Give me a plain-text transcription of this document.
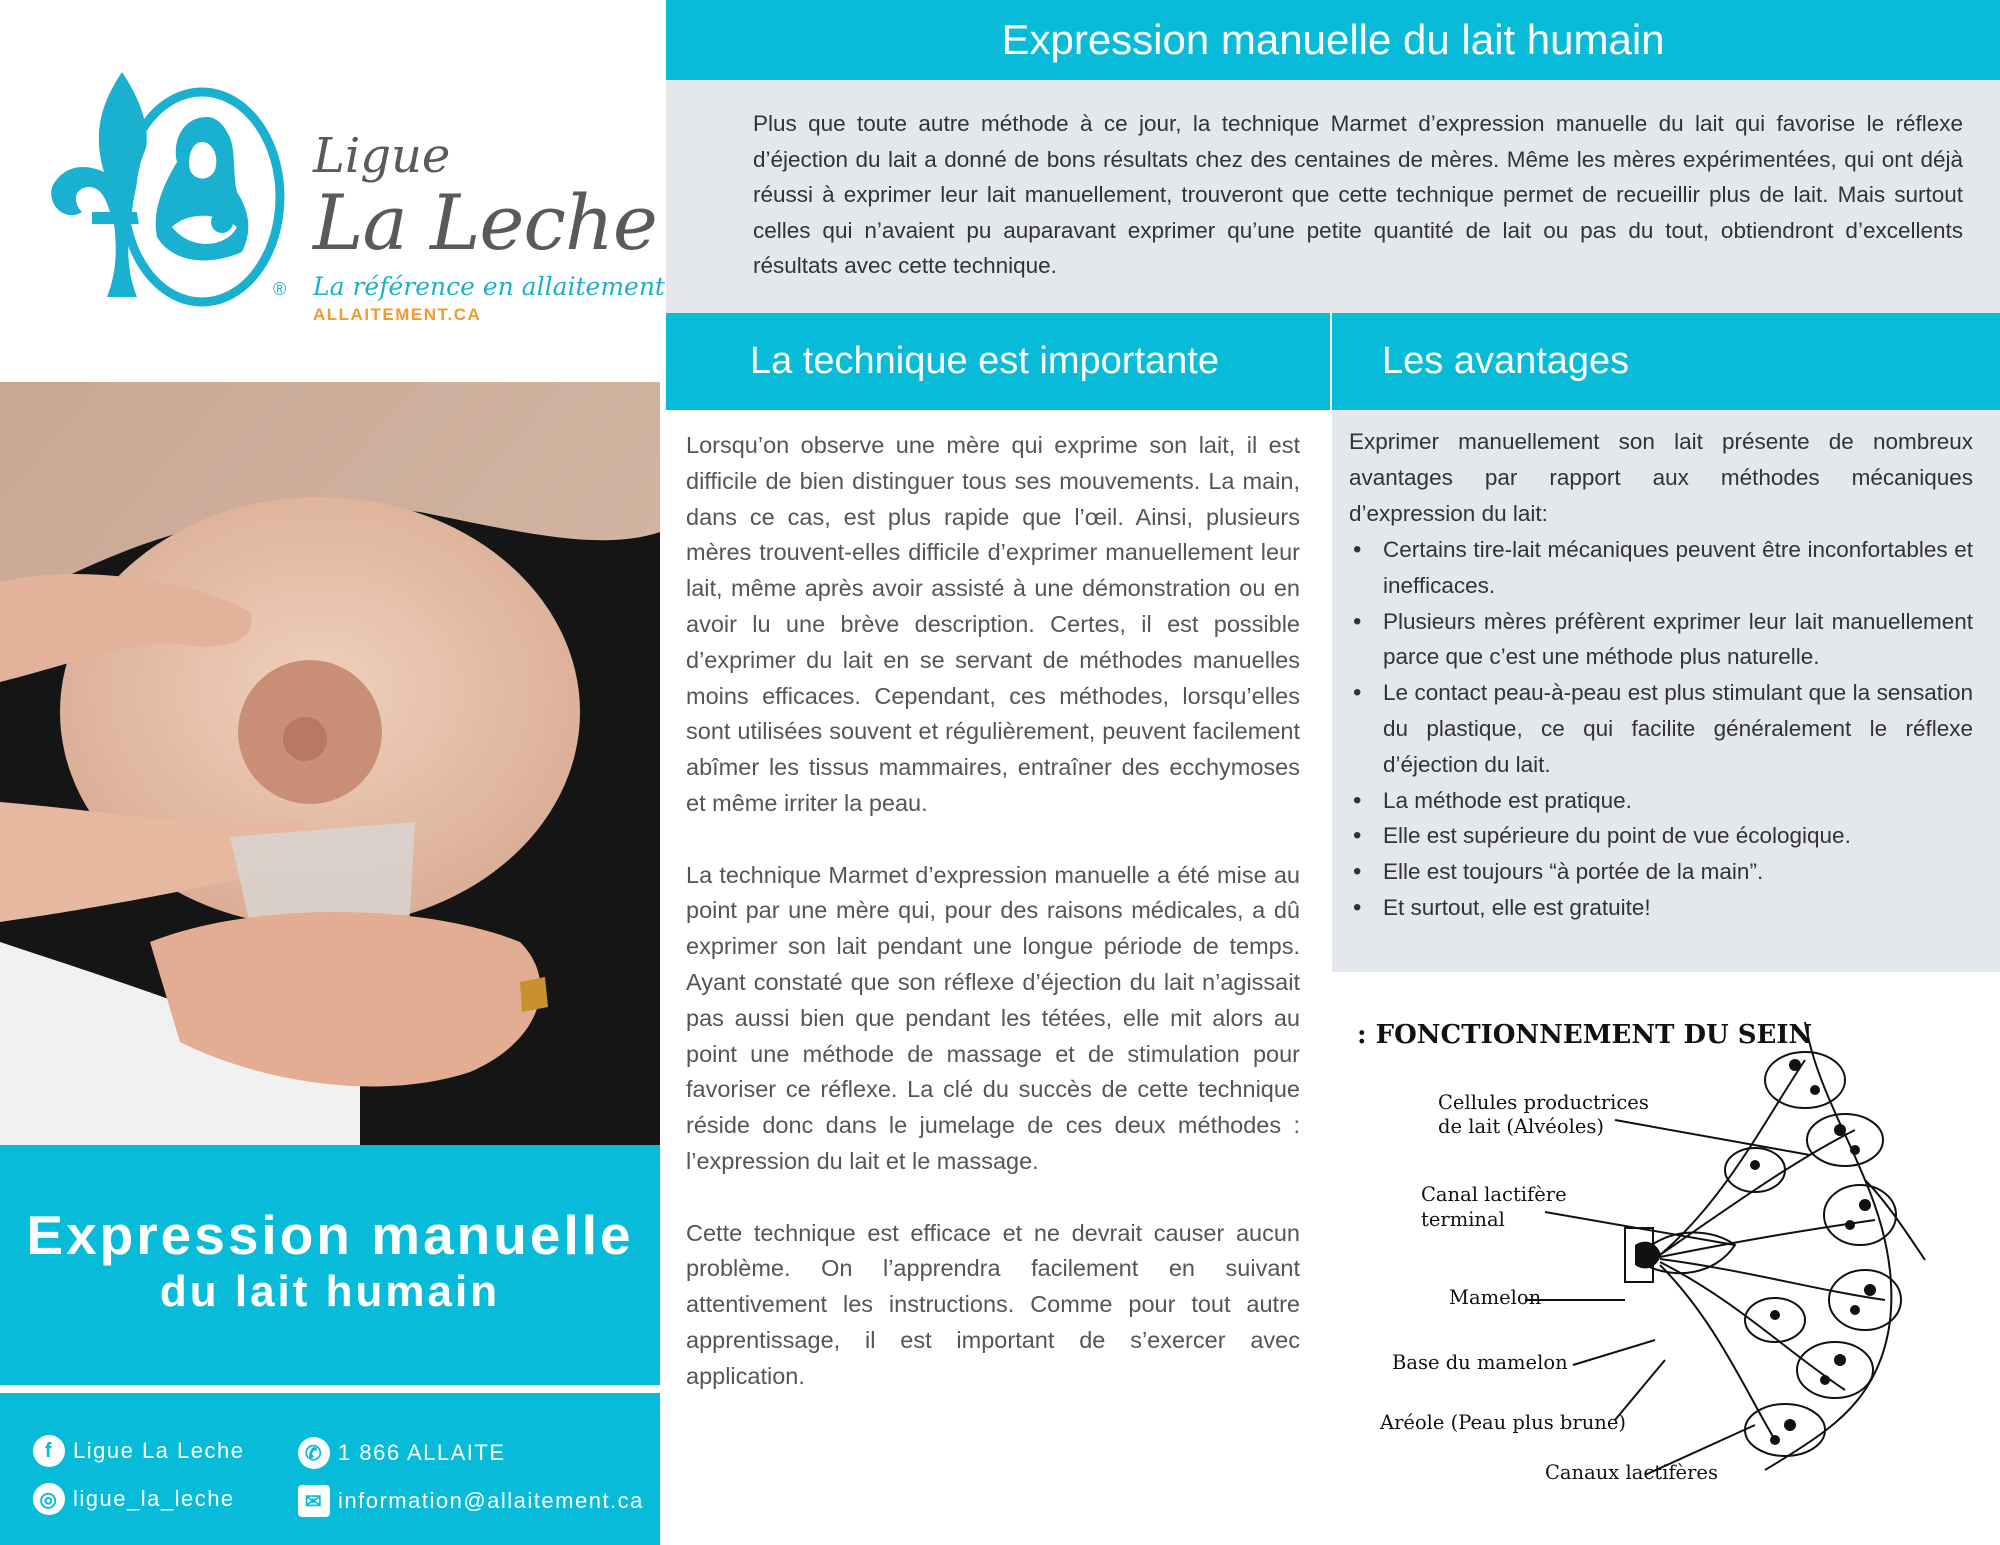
Ligue
La Leche
® La référence en allaitement
ALLAITEMENT.CA
Expression manuelle
du lait humain
f Ligue La Leche	✆ 1 866 ALLAITE
◎ ligue_la_leche	✉ information@allaitement.ca
Expression manuelle du lait humain

Plus que toute autre méthode à ce jour, la technique Marmet d’expression manuelle du lait qui favorise le réflexe d’éjection du lait a donné de bons résultats chez des centaines de mères. Même les mères expérimentées, qui ont déjà réussi à exprimer leur lait manuellement, trouveront que cette technique permet de recueillir plus de lait. Mais surtout celles qui n’avaient pu auparavant exprimer qu’une petite quantité de lait ou pas du tout, obtiendront d’excellents résultats avec cette technique.

La technique est importante	Les avantages

Lorsqu’on observe une mère qui exprime son lait, il est difficile de bien distinguer tous ses mouvements. La main, dans ce cas, est plus rapide que l’œil. Ainsi, plusieurs mères trouvent-elles difficile d’exprimer manuellement leur lait, même après avoir assisté à une démonstration ou en avoir lu une brève description. Certes, il est possible d’exprimer du lait en se servant de méthodes manuelles moins efficaces. Cependant, ces méthodes, lorsqu’elles sont utilisées souvent et régulièrement, peuvent facilement abîmer les tissus mammaires, entraîner des ecchymoses et même irriter la peau.

La technique Marmet d’expression manuelle a été mise au point par une mère qui, pour des raisons médicales, a dû exprimer son lait pendant une longue période de temps. Ayant constaté que son réflexe d’éjection du lait n’agissait pas aussi bien que pendant les tétées, elle mit alors au point une méthode de massage et de stimulation pour favoriser ce réflexe. La clé du succès de cette technique réside donc dans le jumelage de ces deux méthodes : l’expression du lait et le massage.

Cette technique est efficace et ne devrait causer aucun problème. On l’apprendra facilement en suivant attentivement les instructions. Comme pour tout autre apprentissage, il est important de s’exercer avec application.

Exprimer manuellement son lait présente de nombreux avantages par rapport aux méthodes mécaniques d’expression du lait:

• Certains tire-lait mécaniques peuvent être inconfortables et inefficaces.
• Plusieurs mères préfèrent exprimer leur lait manuellement parce que c’est une méthode plus naturelle.
• Le contact peau-à-peau est plus stimulant que la sensation du plastique, ce qui facilite généralement le réflexe d’éjection du lait.
• La méthode est pratique.
• Elle est supérieure du point de vue écologique.
• Elle est toujours “à portée de la main”.
• Et surtout, elle est gratuite!
: FONCTIONNEMENT DU SEIN
Cellules productrices
de lait (Alvéoles)
Canal lactifère
terminal
Mamelon
Base du mamelon
Aréole (Peau plus brune)
Canaux lactifères
